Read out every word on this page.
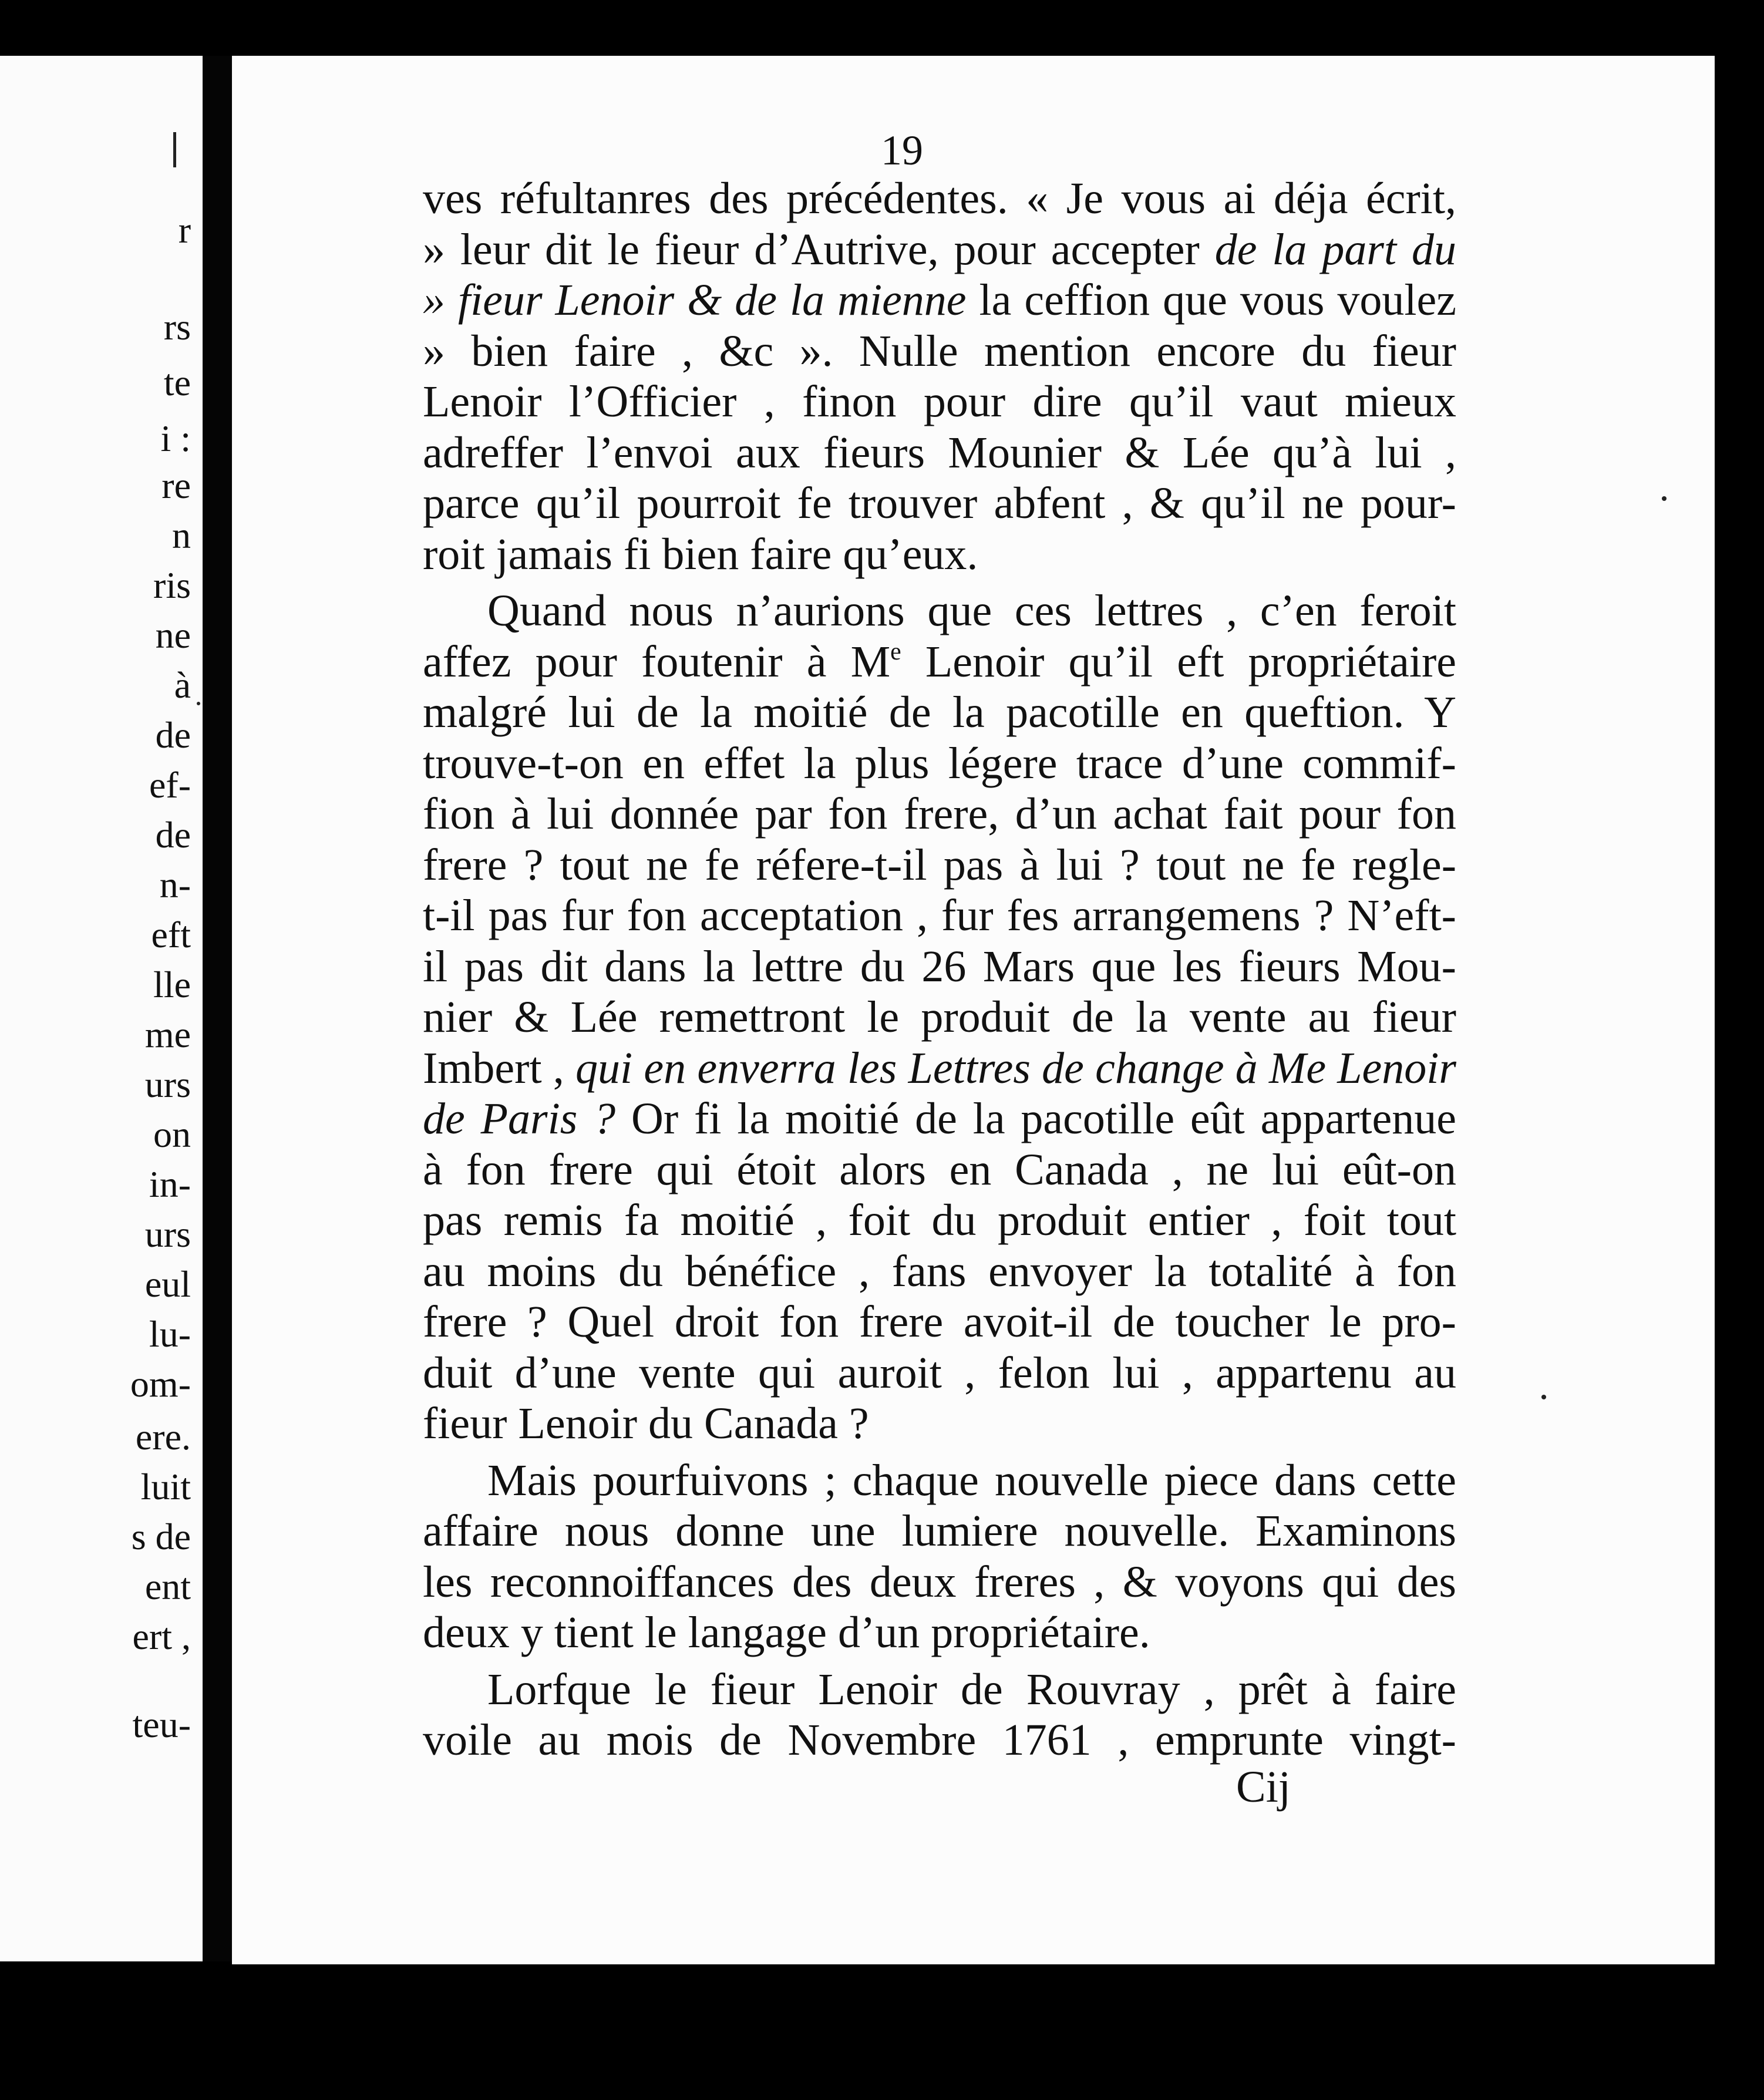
r
rs
te
i :
re
n
ris
ne
à
de
ef-
de
n-
eft
lle
me
urs
on
in-
urs
eul
lu-
om-
ere.
luit
s de
ent
ert ,
teu-
19
ves réfultanres des précédentes. « Je vous ai déja écrit,
» leur dit le fieur d’Autrive, pour accepter de la part du
» fieur Lenoir & de la mienne la ceffion que vous voulez
» bien faire , &c ». Nulle mention encore du fieur
Lenoir l’Officier , finon pour dire qu’il vaut mieux
adreffer l’envoi aux fieurs Mounier & Lée qu’à lui ,
parce qu’il pourroit fe trouver abfent , & qu’il ne pour-
roit jamais fi bien faire qu’eux.
Quand nous n’aurions que ces lettres , c’en feroit
affez pour foutenir à Me Lenoir qu’il eft propriétaire
malgré lui de la moitié de la pacotille en queftion. Y
trouve-t-on en effet la plus légere trace d’une commif-
fion à lui donnée par fon frere, d’un achat fait pour fon
frere ? tout ne fe réfere-t-il pas à lui ? tout ne fe regle-
t-il pas fur fon acceptation , fur fes arrangemens ? N’eft-
il pas dit dans la lettre du 26 Mars que les fieurs Mou-
nier & Lée remettront le produit de la vente au fieur
Imbert , qui en enverra les Lettres de change à Me Lenoir
de Paris ? Or fi la moitié de la pacotille eût appartenue
à fon frere qui étoit alors en Canada , ne lui eût-on
pas remis fa moitié , foit du produit entier , foit tout
au moins du bénéfice , fans envoyer la totalité à fon
frere ? Quel droit fon frere avoit-il de toucher le pro-
duit d’une vente qui auroit , felon lui , appartenu au
fieur Lenoir du Canada ?
Mais pourfuivons ; chaque nouvelle piece dans cette
affaire nous donne une lumiere nouvelle. Examinons
les reconnoiffances des deux freres , & voyons qui des
deux y tient le langage d’un propriétaire.
Lorfque le fieur Lenoir de Rouvray , prêt à faire
voile au mois de Novembre 1761 , emprunte vingt-
Cij
